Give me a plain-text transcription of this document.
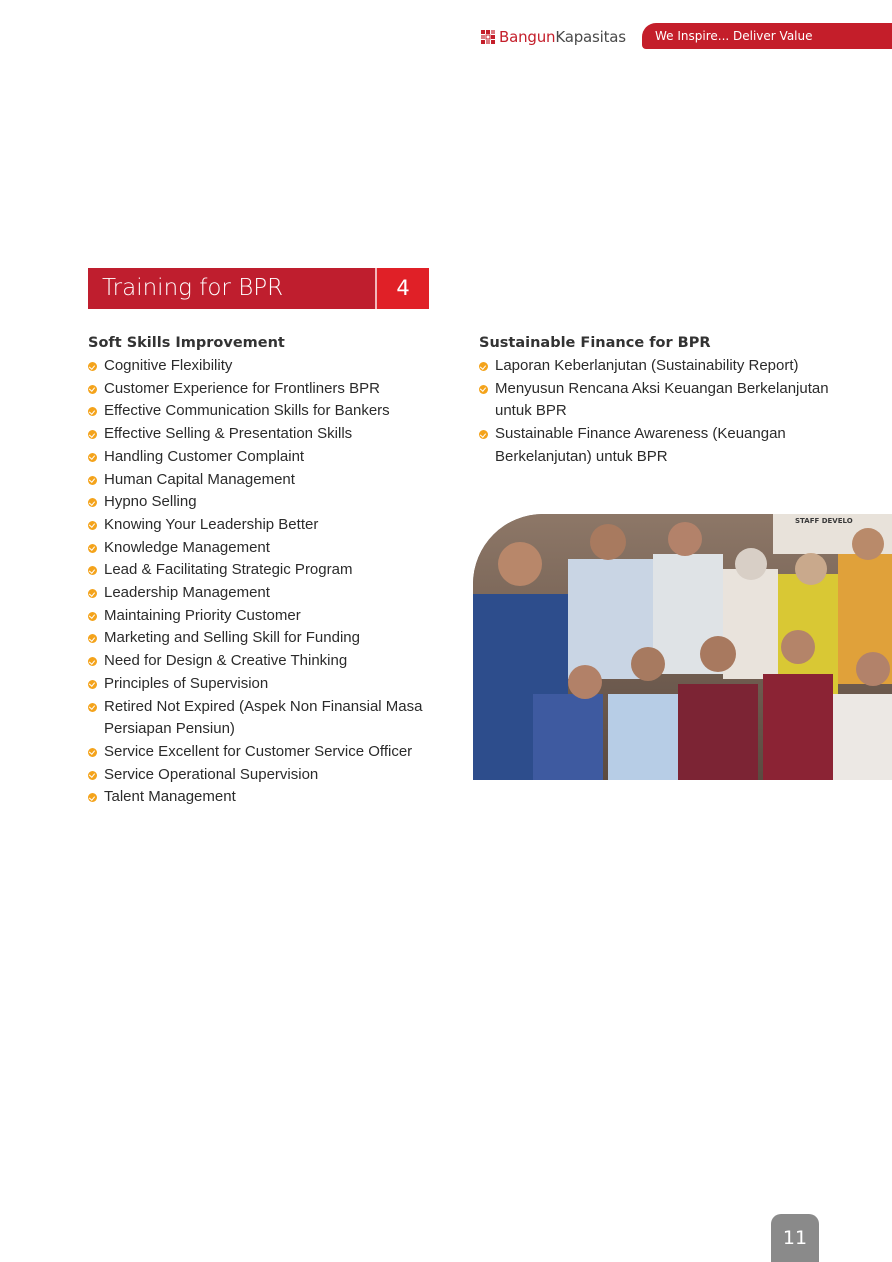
BangunKapasitas	We Inspire... Deliver Value
Training for BPR	4
Soft Skills Improvement
Cognitive Flexibility
Customer Experience for Frontliners BPR
Effective Communication Skills for Bankers
Effective Selling & Presentation Skills
Handling Customer Complaint
Human Capital Management
Hypno Selling
Knowing Your Leadership Better
Knowledge Management
Lead & Facilitating Strategic Program
Leadership Management
Maintaining Priority Customer
Marketing and Selling Skill for Funding
Need for Design & Creative Thinking
Principles of Supervision
Retired Not Expired (Aspek Non Finansial Masa Persiapan Pensiun)
Service Excellent for Customer Service Officer
Service Operational Supervision
Talent Management
Sustainable Finance for BPR
Laporan Keberlanjutan (Sustainability Report)
Menyusun Rencana Aksi Keuangan Berkelanjutan untuk BPR
Sustainable Finance Awareness (Keuangan Berkelanjutan) untuk BPR
STAFF DEVELO
11
